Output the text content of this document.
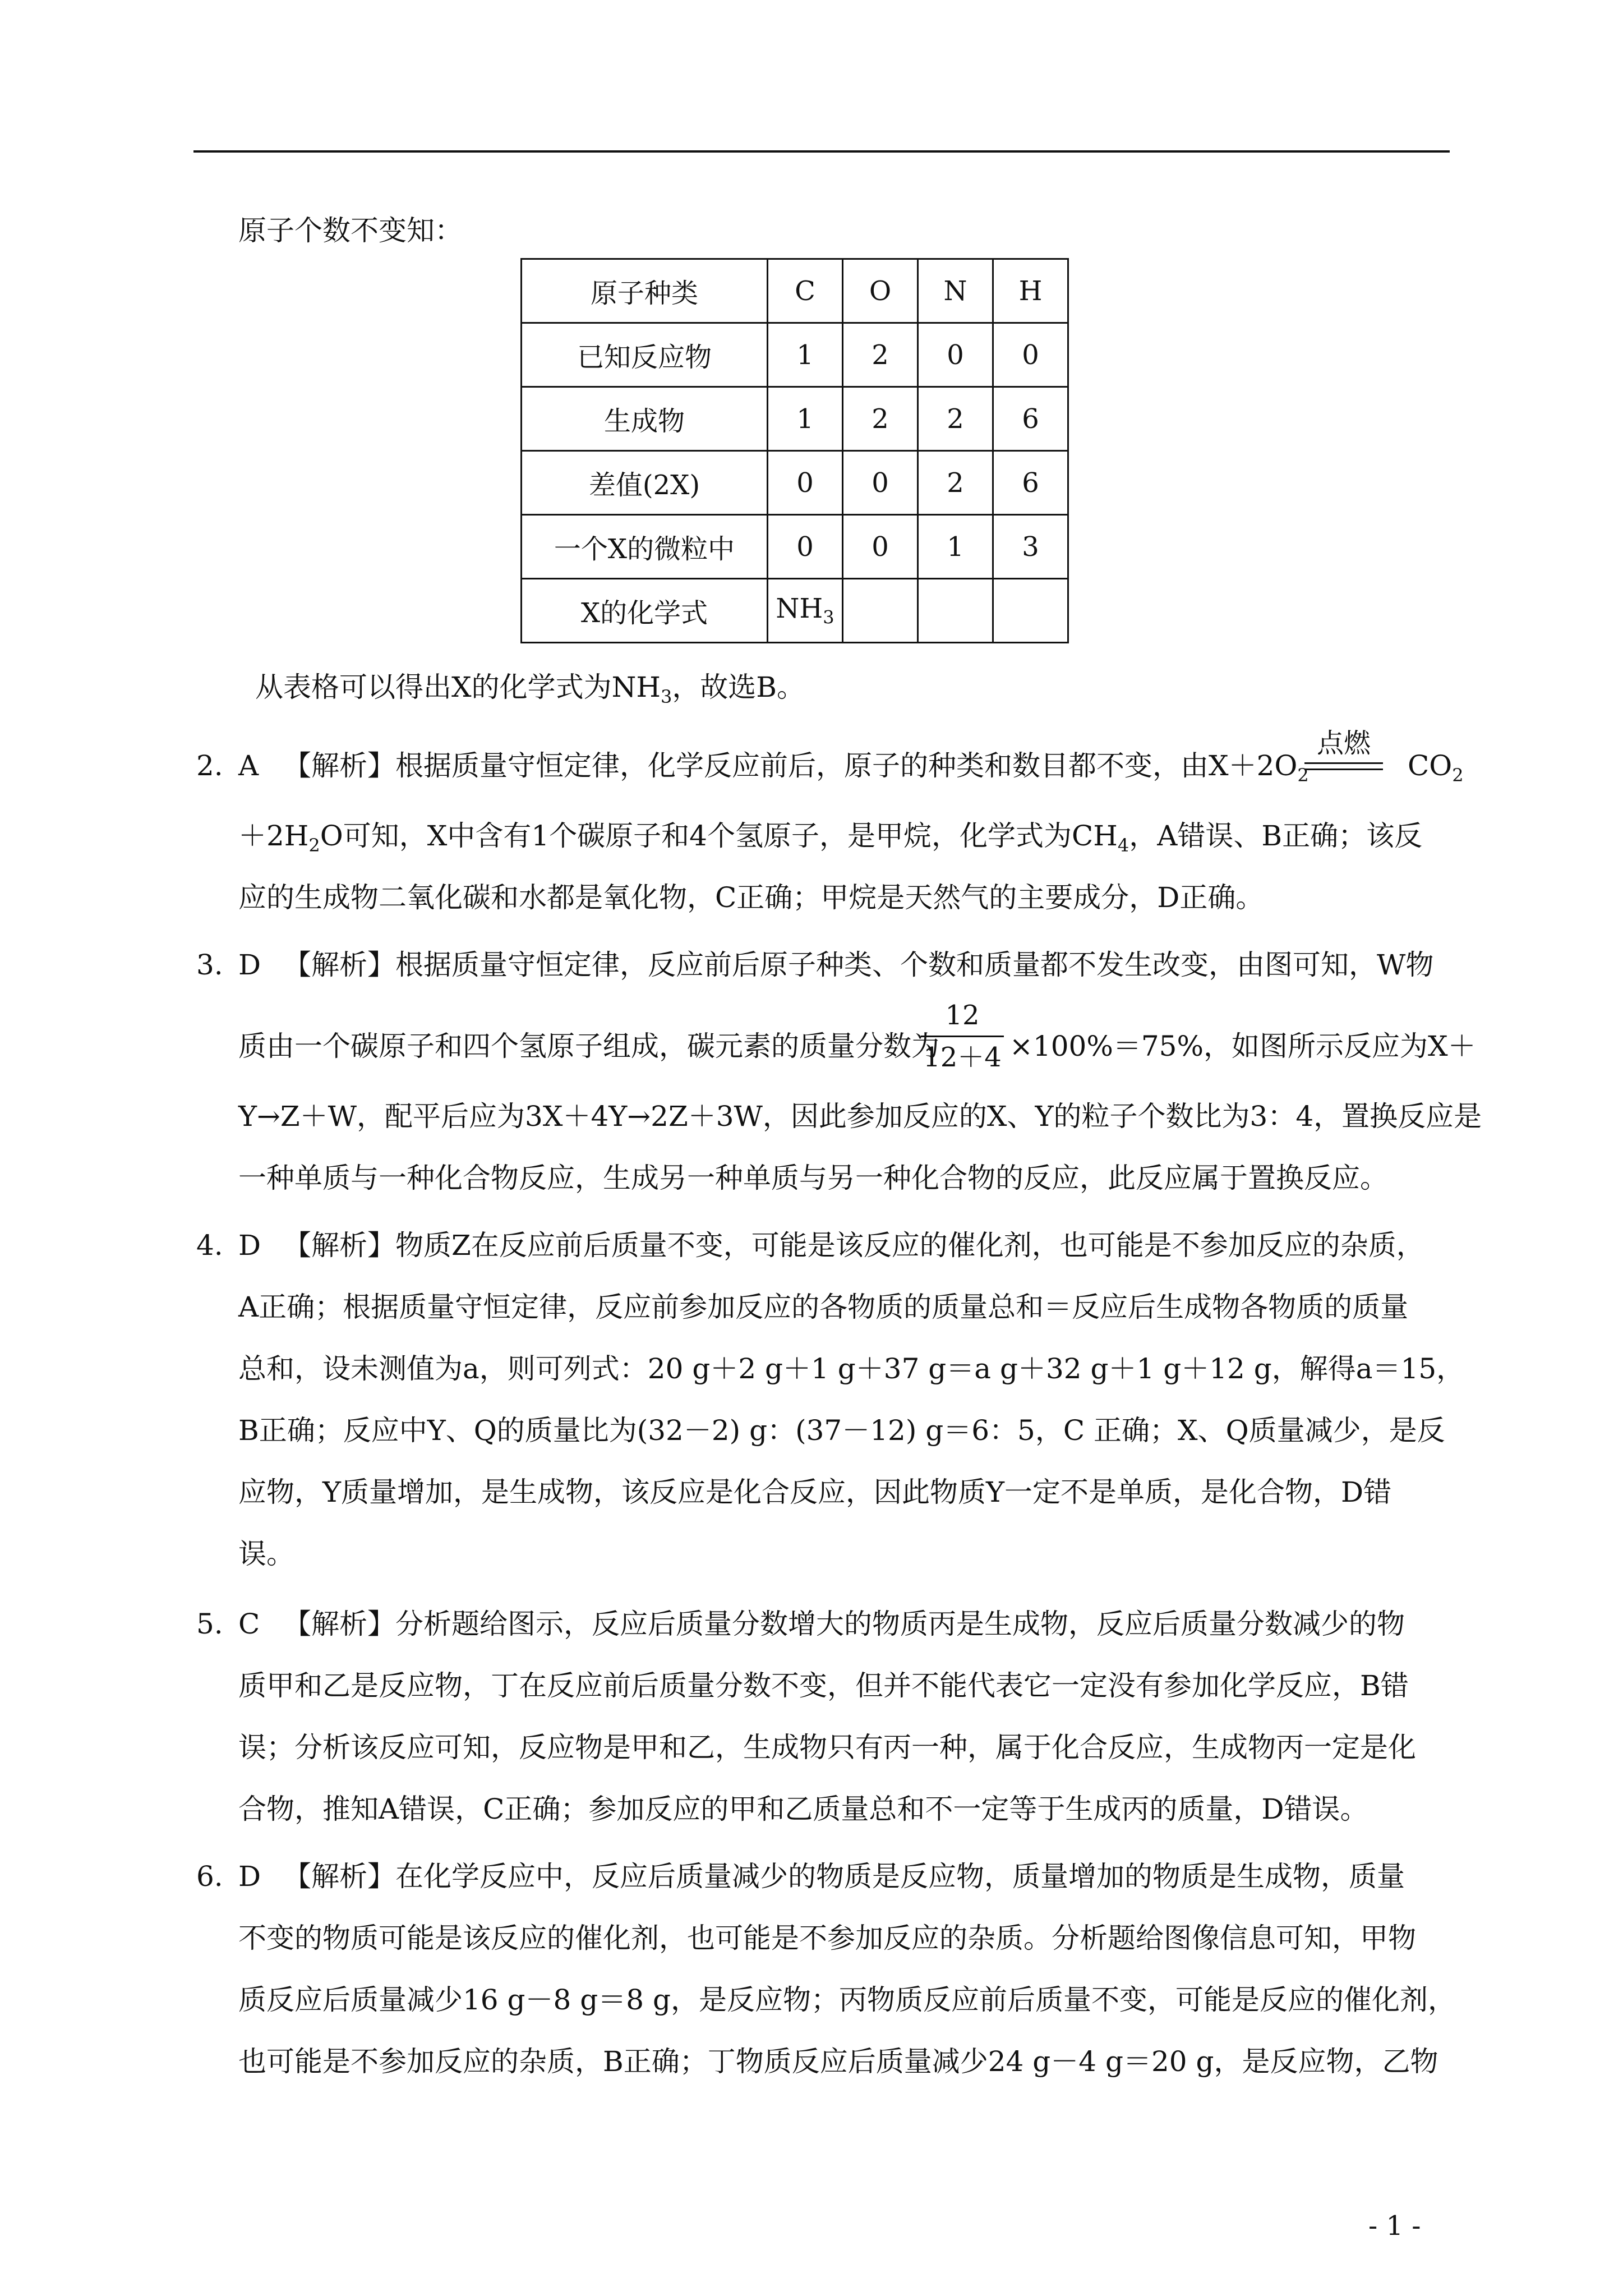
原子个数不变知：
原子种类	C	O	N	H
已知反应物	1	2	0	0
生成物	1	2	2	6
差值(2X)	0	0	2	6
一个X的微粒中	0	0	1	3
X的化学式	$NH_3$			
从表格可以得出X的化学式为$NH_3$，故选B。
2. A 【解析】根据质量守恒定律，化学反应前后，原子的种类和数目都不变，由$X+2O_2$
点燃
$CO_2$
$+2H_2O$可知，X中含有1个碳原子和4个氢原子，是甲烷，化学式为$CH_4$，A错误、B正确；该反
应的生成物二氧化碳和水都是氧化物，C正确；甲烷是天然气的主要成分，D正确。
3. D 【解析】根据质量守恒定律，反应前后原子种类、个数和质量都不发生改变，由图可知，W物
质由一个碳原子和四个氢原子组成，碳元素的质量分数为
12
12＋4 ×100%＝75%，如图所示反应为X＋
Y→Z＋W，配平后应为3X＋4Y→2Z＋3W，因此参加反应的X、Y的粒子个数比为3：4，置换反应是
一种单质与一种化合物反应，生成另一种单质与另一种化合物的反应，此反应属于置换反应。
4. D 【解析】物质Z在反应前后质量不变，可能是该反应的催化剂，也可能是不参加反应的杂质，
A正确；根据质量守恒定律，反应前参加反应的各物质的质量总和＝反应后生成物各物质的质量
总和，设未测值为a，则可列式：20 g＋2 g＋1 g＋37 g＝a g＋32 g＋1 g＋12 g，解得a＝15，
B正确；反应中Y、Q的质量比为(32－2) g：(37－12) g＝6：5，C 正确；X、Q质量减少，是反
应物，Y质量增加，是生成物，该反应是化合反应，因此物质Y一定不是单质，是化合物，D错
误。
5. C 【解析】分析题给图示，反应后质量分数增大的物质丙是生成物，反应后质量分数减少的物
质甲和乙是反应物，丁在反应前后质量分数不变，但并不能代表它一定没有参加化学反应，B错
误；分析该反应可知，反应物是甲和乙，生成物只有丙一种，属于化合反应，生成物丙一定是化
合物，推知A错误，C正确；参加反应的甲和乙质量总和不一定等于生成丙的质量，D错误。
6. D 【解析】在化学反应中，反应后质量减少的物质是反应物，质量增加的物质是生成物，质量
不变的物质可能是该反应的催化剂，也可能是不参加反应的杂质。分析题给图像信息可知，甲物
质反应后质量减少16 g－8 g＝8 g，是反应物；丙物质反应前后质量不变，可能是反应的催化剂，
也可能是不参加反应的杂质，B正确；丁物质反应后质量减少24 g－4 g＝20 g，是反应物，乙物
- 1 -
